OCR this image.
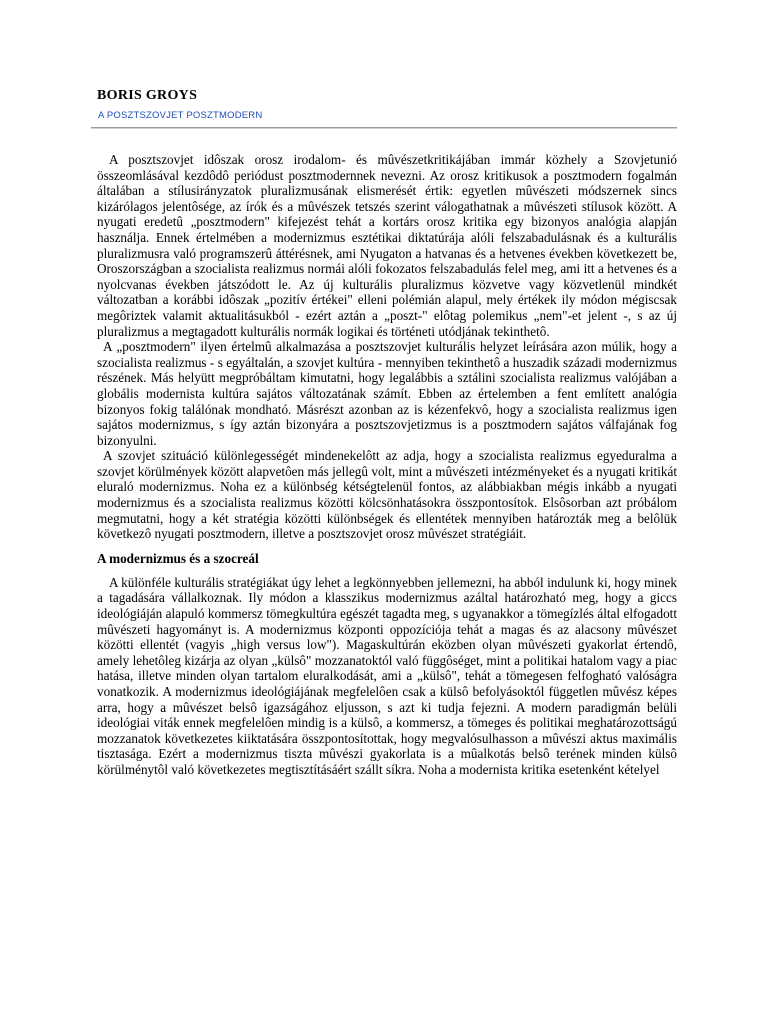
BORIS GROYS
A POSZTSZOVJET POSZTMODERN

A posztszovjet idôszak orosz irodalom- és mûvészetkritikájában immár közhely a Szovjetunió összeomlásával kezdôdô periódust posztmodernnek nevezni. Az orosz kritikusok a posztmodern fogalmán általában a stílusirányzatok pluralizmusának elismerését értik: egyetlen mûvészeti módszernek sincs kizárólagos jelentôsége, az írók és a mûvészek tetszés szerint válogathatnak a mûvészeti stílusok között. A nyugati eredetû „posztmodern" kifejezést tehát a kortárs orosz kritika egy bizonyos analógia alapján használja. Ennek értelmében a modernizmus esztétikai diktatúrája alóli felszabadulásnak és a kulturális pluralizmusra való programszerû áttérésnek, ami Nyugaton a hatvanas és a hetvenes években következett be, Oroszországban a szocialista realizmus normái alóli fokozatos felszabadulás felel meg, ami itt a hetvenes és a nyolcvanas években játszódott le. Az új kulturális pluralizmus közvetve vagy közvetlenül mindkét változatban a korábbi idôszak „pozitív értékei" elleni polémián alapul, mely értékek ily módon mégiscsak megôriztek valamit aktualitásukból - ezért aztán a „poszt-" elôtag polemikus „nem"-et jelent -, s az új pluralizmus a megtagadott kulturális normák logikai és történeti utódjának tekinthetô.

A „posztmodern" ilyen értelmû alkalmazása a posztszovjet kulturális helyzet leírására azon múlik, hogy a szocialista realizmus - s egyáltalán, a szovjet kultúra - mennyiben tekinthetô a huszadik századi modernizmus részének. Más helyütt megpróbáltam kimutatni, hogy legalábbis a sztálini szocialista realizmus valójában a globális modernista kultúra sajátos változatának számít. Ebben az értelemben a fent említett analógia bizonyos fokig találónak mondható. Másrészt azonban az is kézenfekvô, hogy a szocialista realizmus igen sajátos modernizmus, s így aztán bizonyára a posztszovjetizmus is a posztmodern sajátos válfajának fog bizonyulni.

A szovjet szituáció különlegességét mindenekelôtt az adja, hogy a szocialista realizmus egyeduralma a szovjet körülmények között alapvetôen más jellegû volt, mint a mûvészeti intézményeket és a nyugati kritikát eluraló modernizmus. Noha ez a különbség kétségtelenül fontos, az alábbiakban mégis inkább a nyugati modernizmus és a szocialista realizmus közötti kölcsönhatásokra összpontosítok. Elsôsorban azt próbálom megmutatni, hogy a két stratégia közötti különbségek és ellentétek mennyiben határozták meg a belôlük következô nyugati posztmodern, illetve a posztszovjet orosz mûvészet stratégiáit.

A modernizmus és a szocreál

A különféle kulturális stratégiákat úgy lehet a legkönnyebben jellemezni, ha abból indulunk ki, hogy minek a tagadására vállalkoznak. Ily módon a klasszikus modernizmus azáltal határozható meg, hogy a giccs ideológiáján alapuló kommersz tömegkultúra egészét tagadta meg, s ugyanakkor a tömegízlés által elfogadott mûvészeti hagyományt is. A modernizmus központi oppozíciója tehát a magas és az alacsony mûvészet közötti ellentét (vagyis „high versus low"). Magaskultúrán eközben olyan mûvészeti gyakorlat értendô, amely lehetôleg kizárja az olyan „külsô" mozzanatoktól való függôséget, mint a politikai hatalom vagy a piac hatása, illetve minden olyan tartalom eluralkodását, ami a „külsô", tehát a tömegesen felfogható valóságra vonatkozik. A modernizmus ideológiájának megfelelôen csak a külsô befolyásoktól független mûvész képes arra, hogy a mûvészet belsô igazságához eljusson, s azt ki tudja fejezni. A modern paradigmán belüli ideológiai viták ennek megfelelôen mindig is a külsô, a kommersz, a tömeges és politikai meghatározottságú mozzanatok következetes kiiktatására összpontosítottak, hogy megvalósulhasson a mûvészi aktus maximális tisztasága. Ezért a modernizmus tiszta mûvészi gyakorlata is a mûalkotás belsô terének minden külsô körülménytôl való következetes megtisztításáért szállt síkra. Noha a modernista kritika esetenként kételyel
